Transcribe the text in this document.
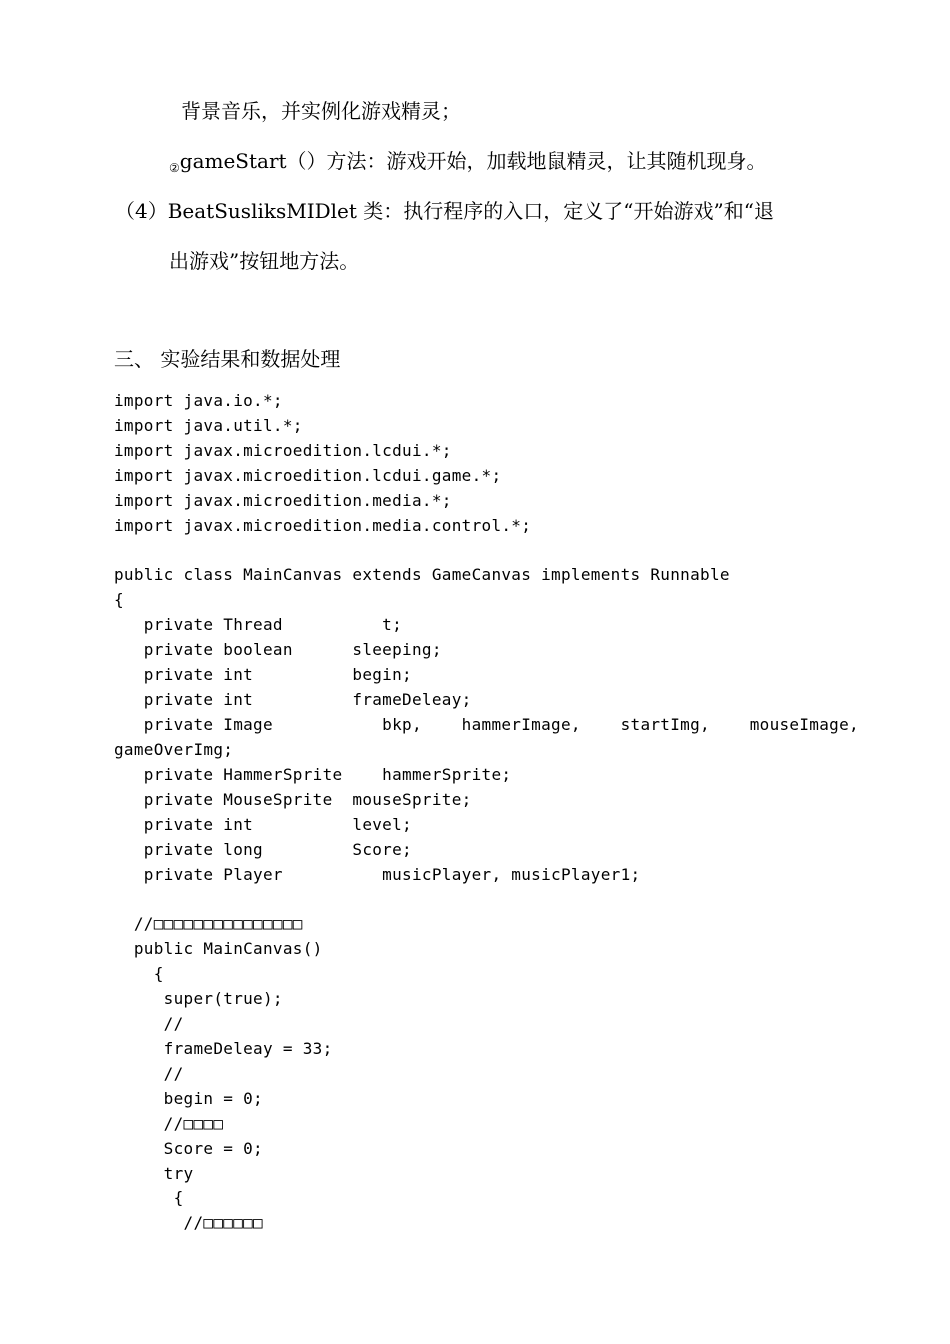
背景音乐，并实例化游戏精灵；
$_②$gameStart（）方法：游戏开始，加载地鼠精灵，让其随机现身。
（4）BeatSusliksMIDlet 类：执行程序的入口，定义了“开始游戏”和“退
出游戏”按钮地方法。
三、 实验结果和数据处理
import java.io.*;
import java.util.*;
import javax.microedition.lcdui.*;
import javax.microedition.lcdui.game.*;
import javax.microedition.media.*;
import javax.microedition.media.control.*;
public class MainCanvas extends GameCanvas implements Runnable
{
private Thread          t;
private boolean      sleeping;
private int          begin;
private int          frameDeleay;
private Image           bkp,    hammerImage,    startImg,    mouseImage,
gameOverImg;
private HammerSprite    hammerSprite;
private MouseSprite  mouseSprite;
private int          level;
private long         Score;
private Player          musicPlayer, musicPlayer1;
//□□□□□□□□□□□□□□□
public MainCanvas()
{
super(true);
//
frameDeleay = 33;
//
begin = 0;
//□□□□
Score = 0;
try
{
//□□□□□□
